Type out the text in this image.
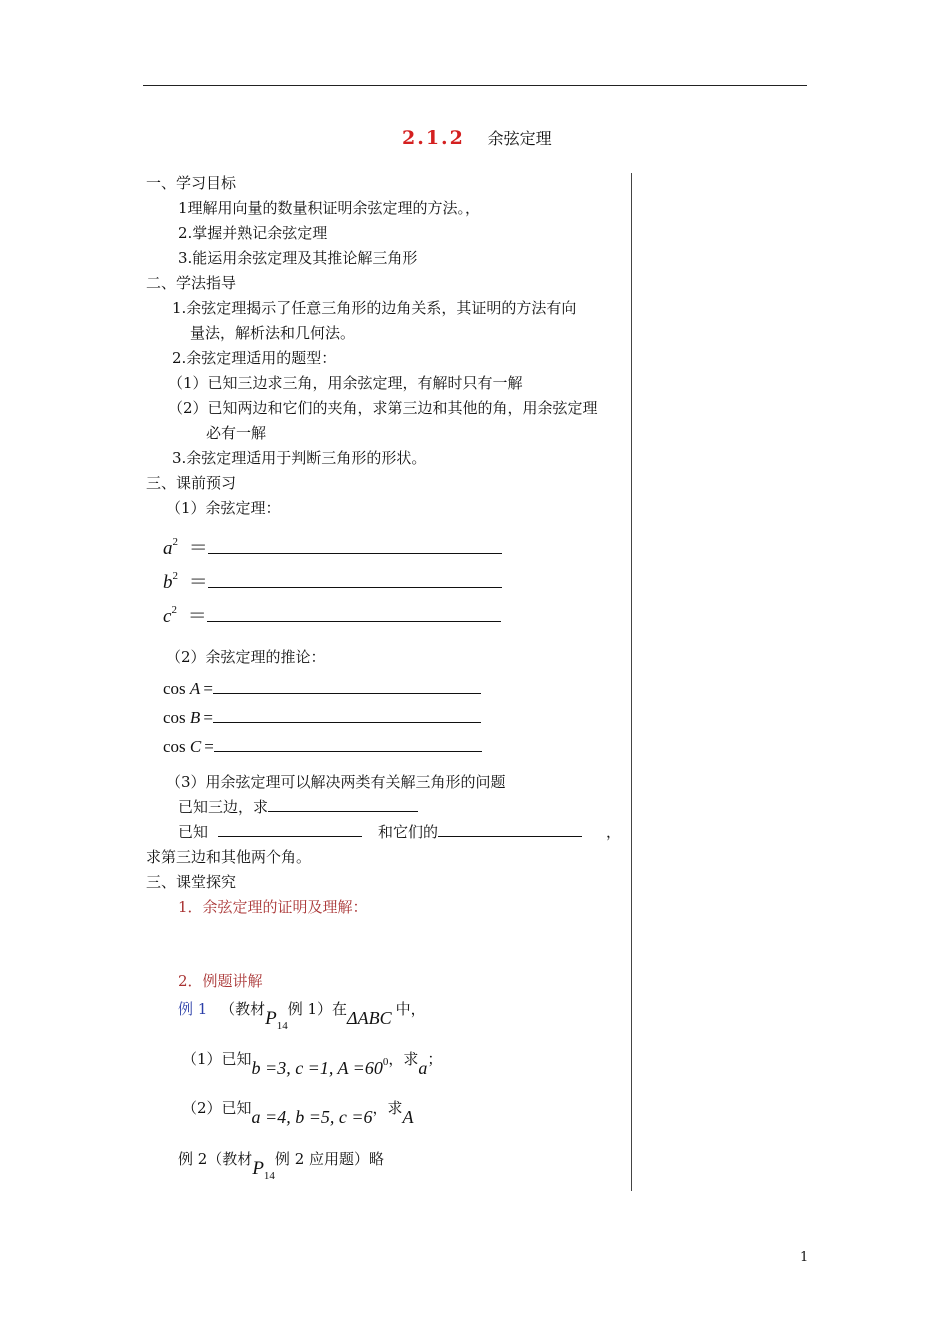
2.1.2 余弦定理
一、学习目标
1理解用向量的数量积证明余弦定理的方法。，
2.掌握并熟记余弦定理
3.能运用余弦定理及其推论解三角形
二、学法指导
1.余弦定理揭示了任意三角形的边角关系，其证明的方法有向
量法，解析法和几何法。
2.余弦定理适用的题型：
（1）已知三边求三角，用余弦定理，有解时只有一解
（2）已知两边和它们的夹角，求第三边和其他的角，用余弦定理
必有一解
3.余弦定理适用于判断三角形的形状。
三、课前预习
（1）余弦定理：
$a^2$ ＝
$b^2$ ＝
$c^2$ ＝
（2）余弦定理的推论：
cos A =
cos B =
cos C =
（3）用余弦定理可以解决两类有关解三角形的问题
已知三边，求
已知	和它们的	，
求第三边和其他两个角。
三、课堂探究
1．余弦定理的证明及理解：
2．例题讲解
例 1 （教材$P_{14}$例 1）在ΔABC 中，
（1）已知b =3, c =1, $A =60^0$，求a；
（2）已知a =4, b =5, c =6，求A
例 2（教材$P_{14}$例 2 应用题）略
1
